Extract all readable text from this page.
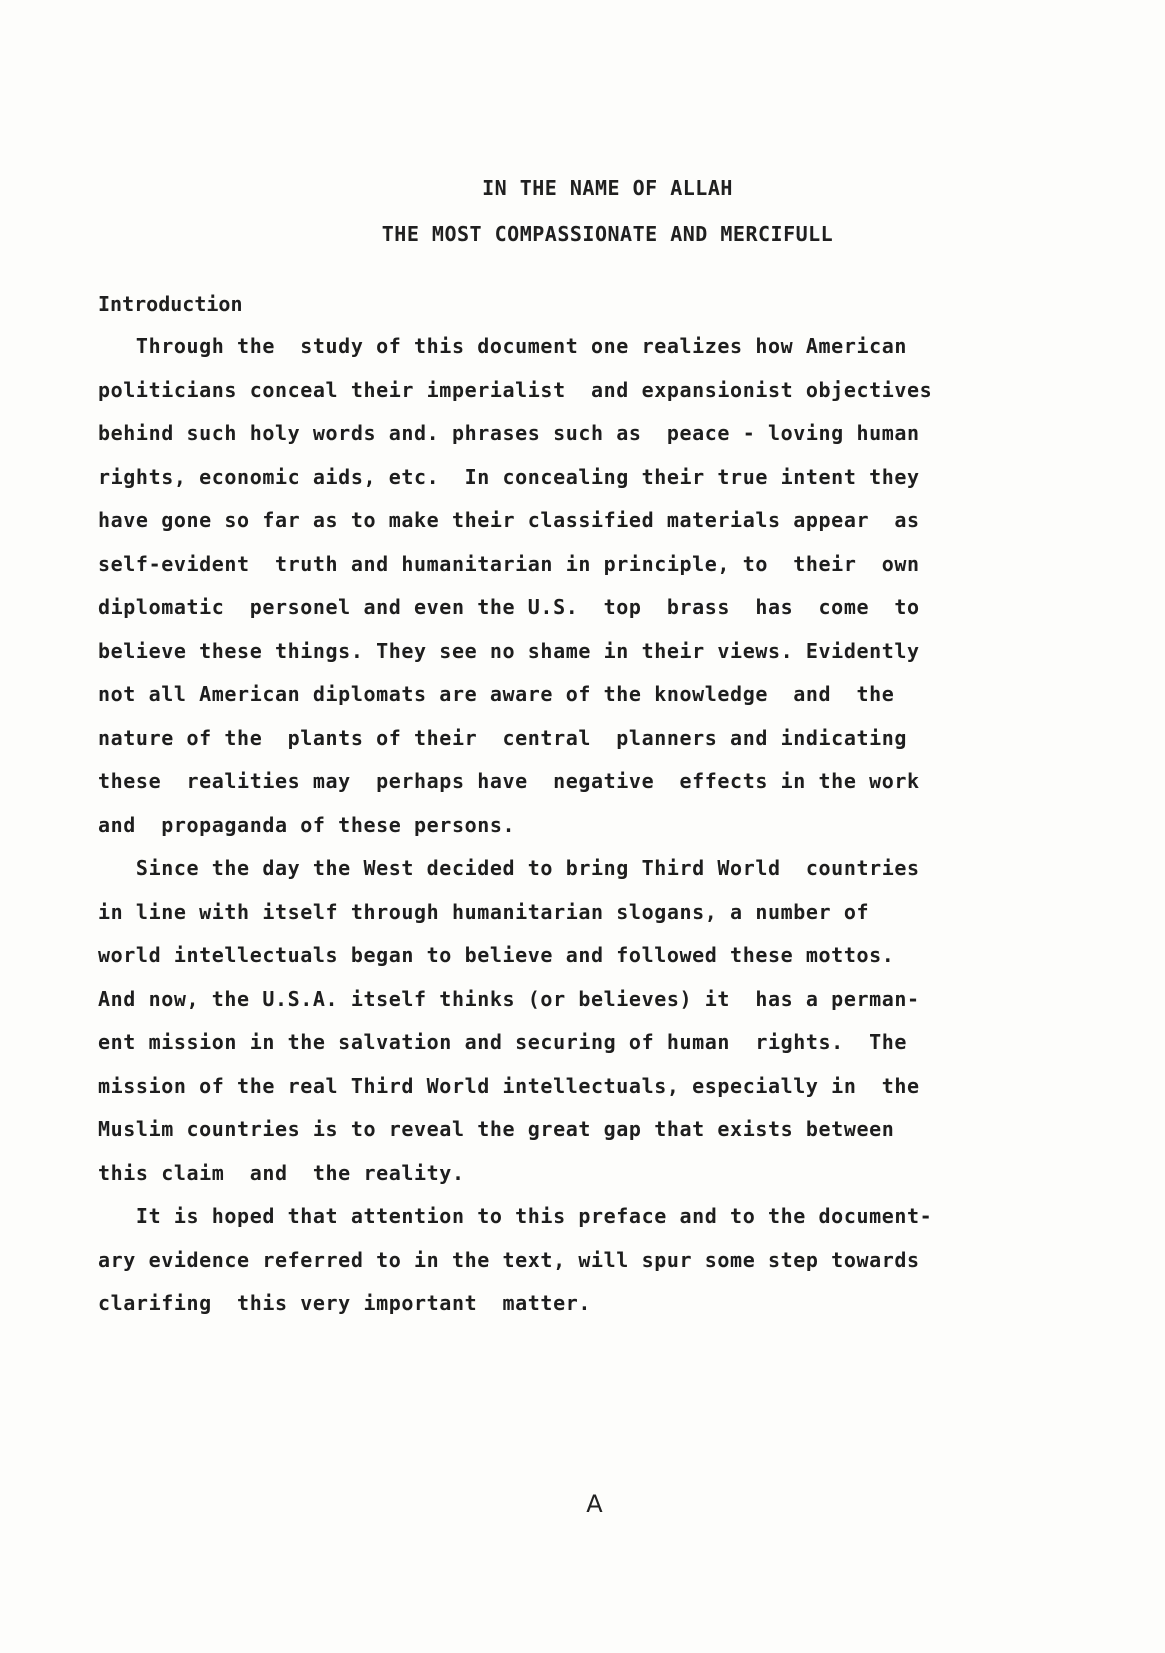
IN THE NAME OF ALLAH
THE MOST COMPASSIONATE AND MERCIFULL
Introduction
Through the  study of this document one realizes how American
politicians conceal their imperialist  and expansionist objectives
behind such holy words and. phrases such as  peace - loving human
rights, economic aids, etc.  In concealing their true intent they
have gone so far as to make their classified materials appear  as
self-evident  truth and humanitarian in principle, to  their  own
diplomatic  personel and even the U.S.  top  brass  has  come  to
believe these things. They see no shame in their views. Evidently
not all American diplomats are aware of the knowledge  and  the
nature of the  plants of their  central  planners and indicating
these  realities may  perhaps have  negative  effects in the work
and  propaganda of these persons.
Since the day the West decided to bring Third World  countries
in line with itself through humanitarian slogans, a number of
world intellectuals began to believe and followed these mottos.
And now, the U.S.A. itself thinks (or believes) it  has a perman-
ent mission in the salvation and securing of human  rights.  The
mission of the real Third World intellectuals, especially in  the
Muslim countries is to reveal the great gap that exists between
this claim  and  the reality.
It is hoped that attention to this preface and to the document-
ary evidence referred to in the text, will spur some step towards
clarifing  this very important  matter.
A
